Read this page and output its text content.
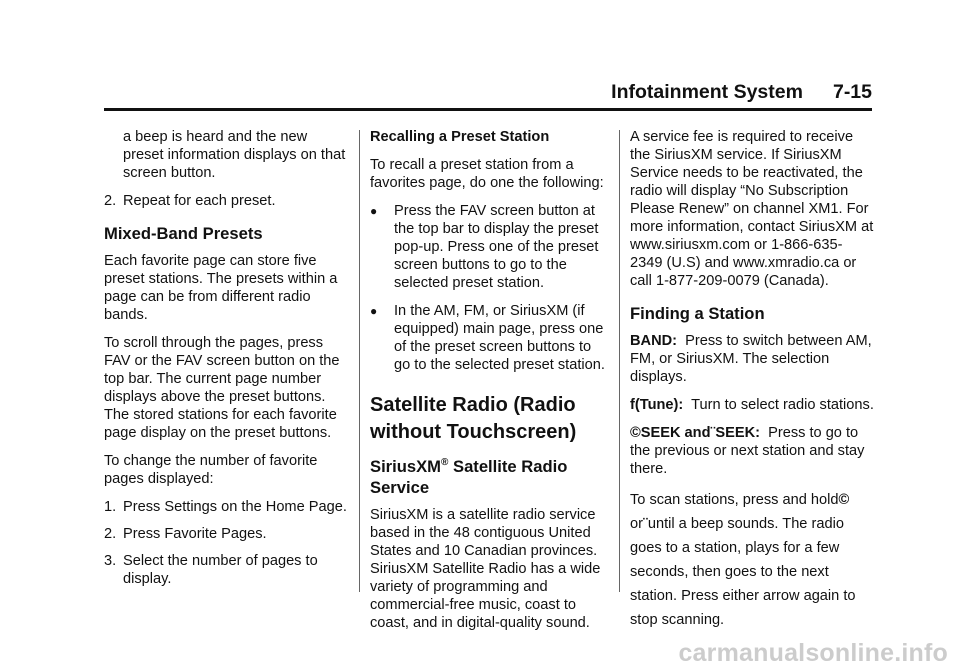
Infotainment System 7-15

a beep is heard and the new preset information displays on that screen button.

2. Repeat for each preset.
Mixed-Band Presets

Each favorite page can store five preset stations. The presets within a page can be from different radio bands.

To scroll through the pages, press FAV or the FAV screen button on the top bar. The current page number displays above the preset buttons. The stored stations for each favorite page display on the preset buttons.

To change the number of favorite pages displayed:

1. Press Settings on the Home Page.
2. Press Favorite Pages.
3. Select the number of pages to display.

Recalling a Preset Station

To recall a preset station from a favorites page, do one the following:

●	Press the FAV screen button at the top bar to display the preset pop-up. Press one of the preset screen buttons to go to the selected preset station.
●	In the AM, FM, or SiriusXM (if equipped) main page, press one of the preset screen buttons to go to the selected preset station.
Satellite Radio (Radio without Touchscreen)
SiriusXM® Satellite Radio Service

SiriusXM is a satellite radio service based in the 48 contiguous United States and 10 Canadian provinces. SiriusXM Satellite Radio has a wide variety of programming and commercial-free music, coast to coast, and in digital-quality sound.

A service fee is required to receive the SiriusXM service. If SiriusXM Service needs to be reactivated, the radio will display “No Subscription Please Renew” on channel XM1. For more information, contact SiriusXM at www.siriusxm.com or 1-866-635-2349 (U.S) and www.xmradio.ca or call 1-877-209-0079 (Canada).

Finding a Station

BAND: Press to switch between AM, FM, or SiriusXM. The selection displays.

f(Tune): Turn to select radio stations.

©SEEK and¨SEEK: Press to go to the previous or next station and stay there.

To scan stations, press and hold©
or¨until a beep sounds. The radio goes to a station, plays for a few seconds, then goes to the next station. Press either arrow again to stop scanning.

carmanualsonline.info
